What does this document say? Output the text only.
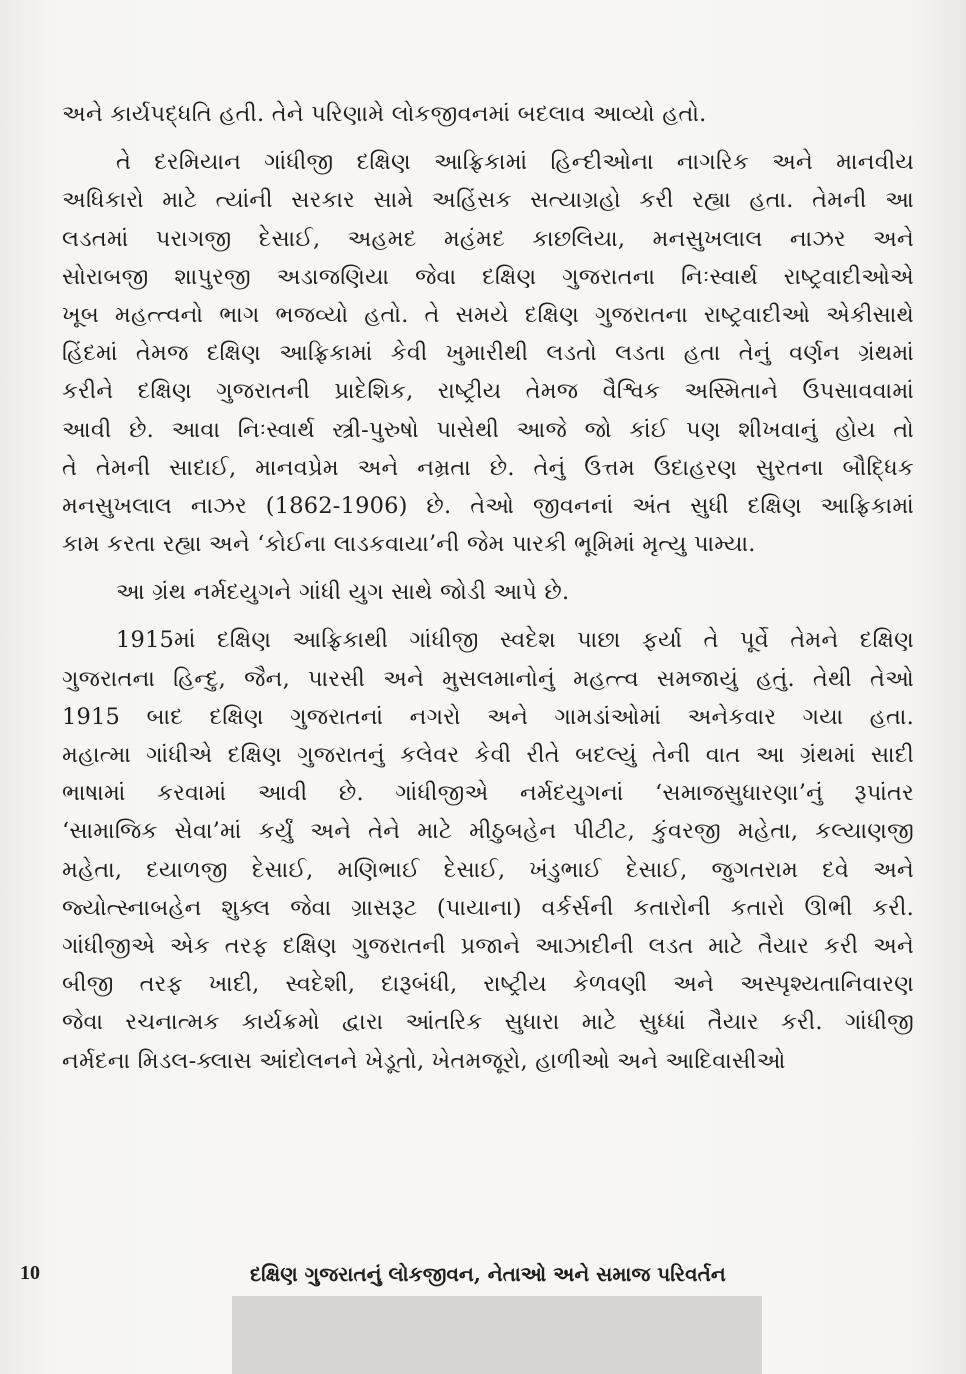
અને કાર્યપદ્ધતિ હતી. તેને પરિણામે લોકજીવનમાં બદલાવ આવ્યો હતો.
તે દરમિયાન ગાંધીજી દક્ષિણ આફ્રિકામાં હિન્દીઓના નાગરિક અને માનવીય
અધિકારો માટે ત્યાંની સરકાર સામે અહિંસક સત્યાગ્રહો કરી રહ્યા હતા. તેમની આ
લડતમાં પરાગજી દેસાઈ, અહમદ મહંમદ કાછલિયા, મનસુખલાલ નાઝર અને
સોરાબજી શાપુરજી અડાજણિયા જેવા દક્ષિણ ગુજરાતના નિઃસ્વાર્થ રાષ્ટ્રવાદીઓએ
ખૂબ મહત્ત્વનો ભાગ ભજવ્યો હતો. તે સમયે દક્ષિણ ગુજરાતના રાષ્ટ્રવાદીઓ એકીસાથે
હિંદમાં તેમજ દક્ષિણ આફ્રિકામાં કેવી ખુમારીથી લડતો લડતા હતા તેનું વર્ણન ગ્રંથમાં
કરીને દક્ષિણ ગુજરાતની પ્રાદેશિક, રાષ્ટ્રીય તેમજ વૈશ્વિક અસ્મિતાને ઉપસાવવામાં
આવી છે. આવા નિઃસ્વાર્થ સ્ત્રી-પુરુષો પાસેથી આજે જો કાંઈ પણ શીખવાનું હોય તો
તે તેમની સાદાઈ, માનવપ્રેમ અને નમ્રતા છે. તેનું ઉત્તમ ઉદાહરણ સુરતના બૌદ્ધિક
મનસુખલાલ નાઝર (1862-1906) છે. તેઓ જીવનનાં અંત સુધી દક્ષિણ આફ્રિકામાં
કામ કરતા રહ્યા અને ‘કોઈના લાડકવાયા’ની જેમ પારકી ભૂમિમાં મૃત્યુ પામ્યા.
આ ગ્રંથ નર્મદયુગને ગાંધી યુગ સાથે જોડી આપે છે.
1915માં દક્ષિણ આફ્રિકાથી ગાંધીજી સ્વદેશ પાછા ફર્યા તે પૂર્વે તેમને દક્ષિણ
ગુજરાતના હિન્દુ, જૈન, પારસી અને મુસલમાનોનું મહત્ત્વ સમજાયું હતું. તેથી તેઓ
1915 બાદ દક્ષિણ ગુજરાતનાં નગરો અને ગામડાંઓમાં અનેકવાર ગયા હતા.
મહાત્મા ગાંધીએ દક્ષિણ ગુજરાતનું કલેવર કેવી રીતે બદલ્યું તેની વાત આ ગ્રંથમાં સાદી
ભાષામાં કરવામાં આવી છે. ગાંધીજીએ નર્મદયુગનાં ‘સમાજસુધારણા’નું રૂપાંતર
‘સામાજિક સેવા’માં કર્યું અને તેને માટે મીઠુબહેન પીટીટ, કુંવરજી મહેતા, કલ્યાણજી
મહેતા, દયાળજી દેસાઈ, મણિભાઈ દેસાઈ, ખંડુભાઈ દેસાઈ, જુગતરામ દવે અને
જ્યોત્સ્નાબહેન શુક્લ જેવા ગ્રાસરૂટ (પાયાના) વર્કર્સની કતારોની કતારો ઊભી કરી.
ગાંધીજીએ એક તરફ દક્ષિણ ગુજરાતની પ્રજાને આઝાદીની લડત માટે તૈયાર કરી અને
બીજી તરફ ખાદી, સ્વદેશી, દારૂબંધી, રાષ્ટ્રીય કેળવણી અને અસ્પૃશ્યતાનિવારણ
જેવા રચનાત્મક કાર્યક્રમો દ્વારા આંતરિક સુધારા માટે સુધ્ધાં તૈયાર કરી. ગાંધીજી
નર્મદના મિડલ-ક્લાસ આંદોલનને ખેડૂતો, ખેતમજૂરો, હાળીઓ અને આદિવાસીઓ
10	દક્ષિણ ગુજરાતનું લોકજીવન, નેતાઓ અને સમાજ પરિવર્તન
